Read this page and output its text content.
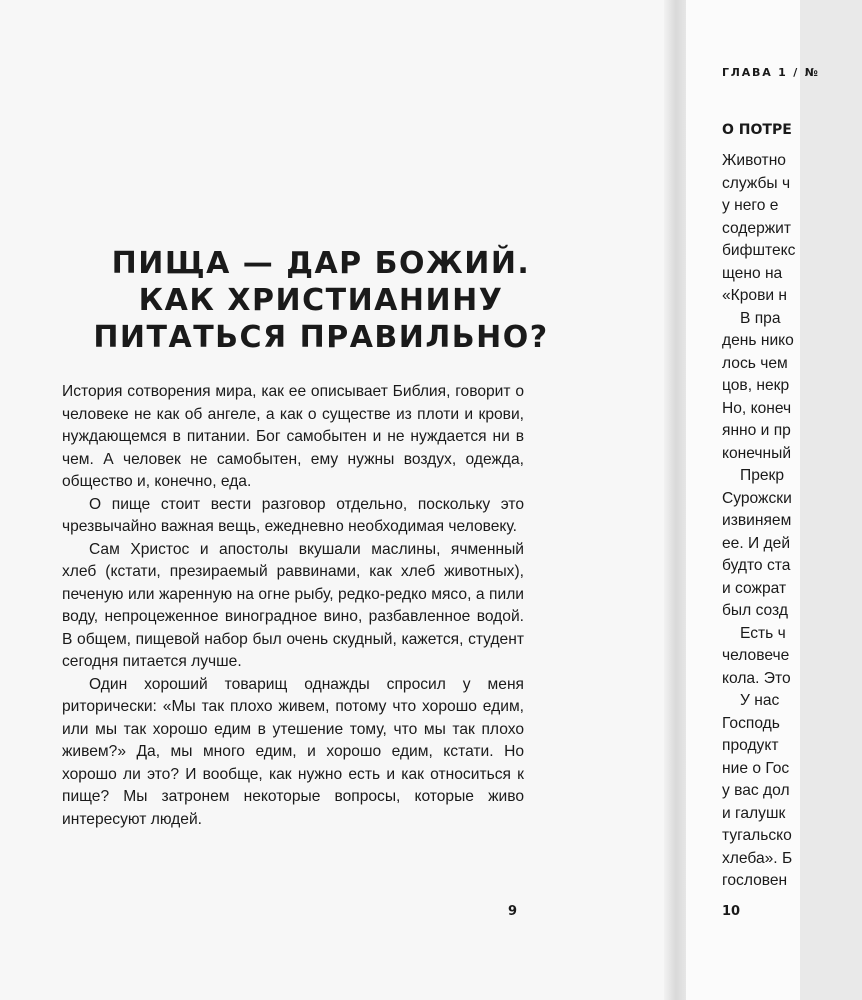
ПИЩА — ДАР БОЖИЙ.
КАК ХРИСТИАНИНУ
ПИТАТЬСЯ ПРАВИЛЬНО?

История сотворения мира, как ее описывает Библия, говорит о человеке не как об ангеле, а как о существе из плоти и крови, нуждающемся в питании. Бог самобытен и не нуждается ни в чем. А человек не самобытен, ему нужны воздух, одежда, общество и, конечно, еда.

О пище стоит вести разговор отдельно, поскольку это чрезвычайно важная вещь, ежедневно необходимая человеку.

Сам Христос и апостолы вкушали маслины, ячменный хлеб (кстати, презираемый раввинами, как хлеб животных), печеную или жаренную на огне рыбу, редко-редко мясо, а пили воду, непроцеженное виноградное вино, разбавленное водой. В общем, пищевой набор был очень скудный, кажется, студент сегодня питается лучше.

Один хороший товарищ однажды спросил у меня риторически: «Мы так плохо живем, потому что хорошо едим, или мы так хорошо едим в утешение тому, что мы так плохо живем?» Да, мы много едим, и хорошо едим, кстати. Но хорошо ли это? И вообще, как нужно есть и как относиться к пище? Мы затронем некоторые вопросы, которые живо интересуют людей.

9
ГЛАВА 1 / №
О ПОТРЕ
Животно
службы ч
у него е
содержит
бифштекс
щено на
«Крови н
В пра
день нико
лось чем
цов, некр
Но, конеч
янно и пр
конечный
Прекр
Сурожски
извиняем
ее. И дей
будто ста
и сожрат
был созд
Есть ч
человече
кола. Это
У нас
Господь
продукт
ние о Гос
у вас дол
и галушк
тугальско
хлеба». Б
гословен
10
